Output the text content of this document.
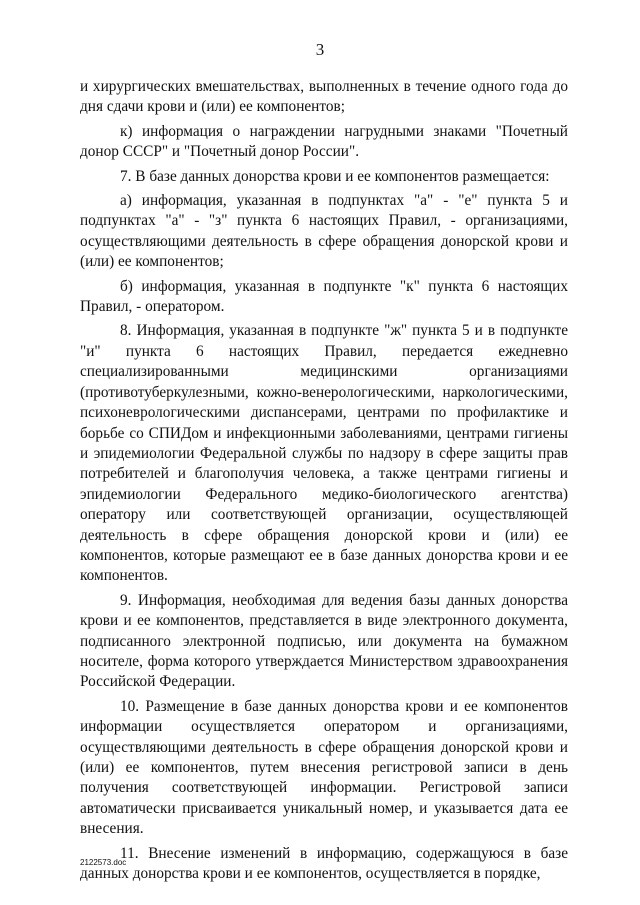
3

и хирургических вмешательствах, выполненных в течение одного года до дня сдачи крови и (или) ее компонентов;

к) информация о награждении нагрудными знаками "Почетный донор СССР" и "Почетный донор России".

7. В базе данных донорства крови и ее компонентов размещается:

а) информация, указанная в подпунктах "а" - "е" пункта 5 и подпунктах "а" - "з" пункта 6 настоящих Правил, - организациями, осуществляющими деятельность в сфере обращения донорской крови и (или) ее компонентов;

б) информация, указанная в подпункте "к" пункта 6 настоящих Правил, - оператором.

8. Информация, указанная в подпункте "ж" пункта 5 и в подпункте "и" пункта 6 настоящих Правил, передается ежедневно специализированными медицинскими организациями (противотуберкулезными, кожно-венерологическими, наркологическими, психоневрологическими диспансерами, центрами по профилактике и борьбе со СПИДом и инфекционными заболеваниями, центрами гигиены и эпидемиологии Федеральной службы по надзору в сфере защиты прав потребителей и благополучия человека, а также центрами гигиены и эпидемиологии Федерального медико-биологического агентства) оператору или соответствующей организации, осуществляющей деятельность в сфере обращения донорской крови и (или) ее компонентов, которые размещают ее в базе данных донорства крови и ее компонентов.

9. Информация, необходимая для ведения базы данных донорства крови и ее компонентов, представляется в виде электронного документа, подписанного электронной подписью, или документа на бумажном носителе, форма которого утверждается Министерством здравоохранения Российской Федерации.

10. Размещение в базе данных донорства крови и ее компонентов информации осуществляется оператором и организациями, осуществляющими деятельность в сфере обращения донорской крови и (или) ее компонентов, путем внесения регистровой записи в день получения соответствующей информации. Регистровой записи автоматически присваивается уникальный номер, и указывается дата ее внесения.

11. Внесение изменений в информацию, содержащуюся в базе данных донорства крови и ее компонентов, осуществляется в порядке,

2122573.doc
